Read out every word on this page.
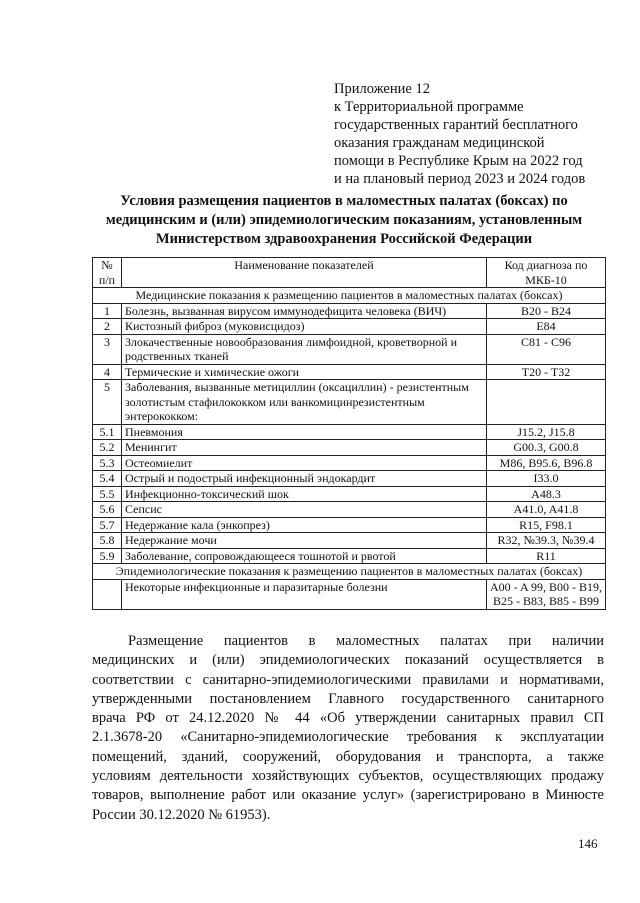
Приложение 12
к Территориальной программе
государственных гарантий бесплатного
оказания гражданам медицинской
помощи в Республике Крым на 2022 год
и на плановый период 2023 и 2024 годов
Условия размещения пациентов в маломестных палатах (боксах) по
медицинским и (или) эпидемиологическим показаниям, установленным
Министерством здравоохранения Российской Федерации
№ п/п	Наименование показателей	Код диагноза по МКБ-10
Медицинские показания к размещению пациентов в маломестных палатах (боксах)		
1	Болезнь, вызванная вирусом иммунодефицита человека (ВИЧ)	B20 - B24
2	Кистозный фиброз (муковисцидоз)	E84
3	Злокачественные новообразования лимфоидной, кроветворной и родственных тканей	C81 - C96
4	Термические и химические ожоги	T20 - T32
5	Заболевания, вызванные метициллин (оксациллин) - резистентным золотистым стафилококком или ванкомицинрезистентным энтерококком:	
5.1	Пневмония	J15.2, J15.8
5.2	Менингит	G00.3, G00.8
5.3	Остеомиелит	M86, B95.6, B96.8
5.4	Острый и подострый инфекционный эндокардит	I33.0
5.5	Инфекционно-токсический шок	A48.3
5.6	Сепсис	A41.0, A41.8
5.7	Недержание кала (энкопрез)	R15, F98.1
5.8	Недержание мочи	R32, №39.3, №39.4
5.9	Заболевание, сопровождающееся тошнотой и рвотой	R11
Эпидемиологические показания к размещению пациентов в маломестных палатах (боксах)		
	Некоторые инфекционные и паразитарные болезни	A00 - A 99, B00 - B19, B25 - B83, B85 - B99
Размещение пациентов в маломестных палатах при наличии
медицинских и (или) эпидемиологических показаний осуществляется в
соответствии с санитарно-эпидемиологическими правилами и нормативами,
утвержденными постановлением Главного государственного санитарного
врача РФ от 24.12.2020 № 44 «Об утверждении санитарных правил СП
2.1.3678-20 «Санитарно-эпидемиологические требования к эксплуатации
помещений, зданий, сооружений, оборудования и транспорта, а также
условиям деятельности хозяйствующих субъектов, осуществляющих продажу
товаров, выполнение работ или оказание услуг» (зарегистрировано в Минюсте
России 30.12.2020 № 61953).
146
